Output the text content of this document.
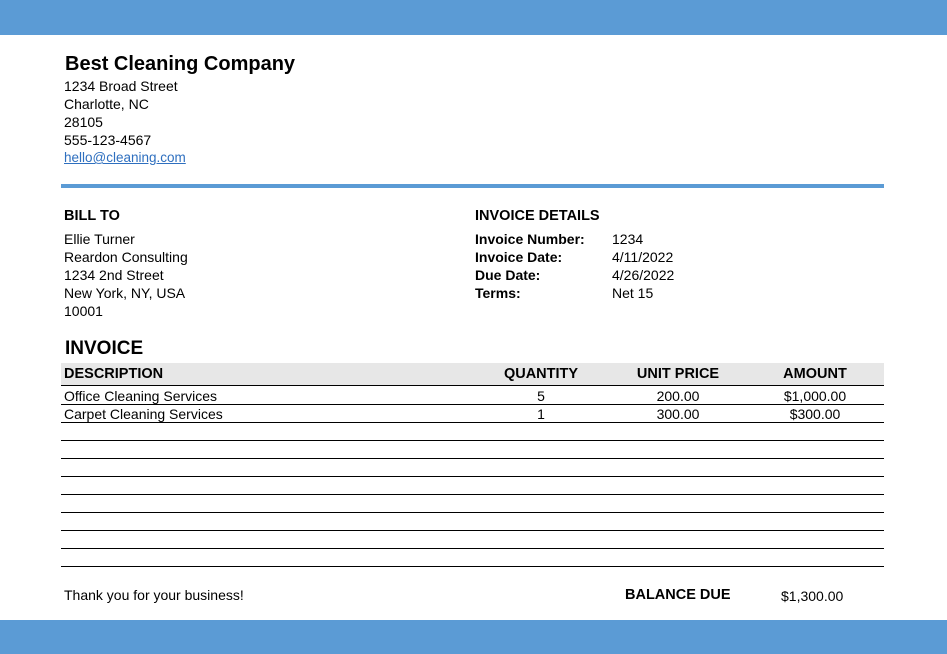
Best Cleaning Company
1234 Broad Street
Charlotte, NC
28105
555-123-4567
hello@cleaning.com
BILL TO
Ellie Turner
Reardon Consulting
1234 2nd Street
New York, NY, USA
10001
INVOICE DETAILS
Invoice Number: 1234
Invoice Date:	4/11/2022
Due Date:	4/26/2022
Terms:	Net 15
INVOICE
DESCRIPTION	QUANTITY	UNIT PRICE	AMOUNT
Office Cleaning Services	5	200.00	$1,000.00
Carpet Cleaning Services	1	300.00	$300.00
Thank you for your business!	BALANCE DUE	$1,300.00
